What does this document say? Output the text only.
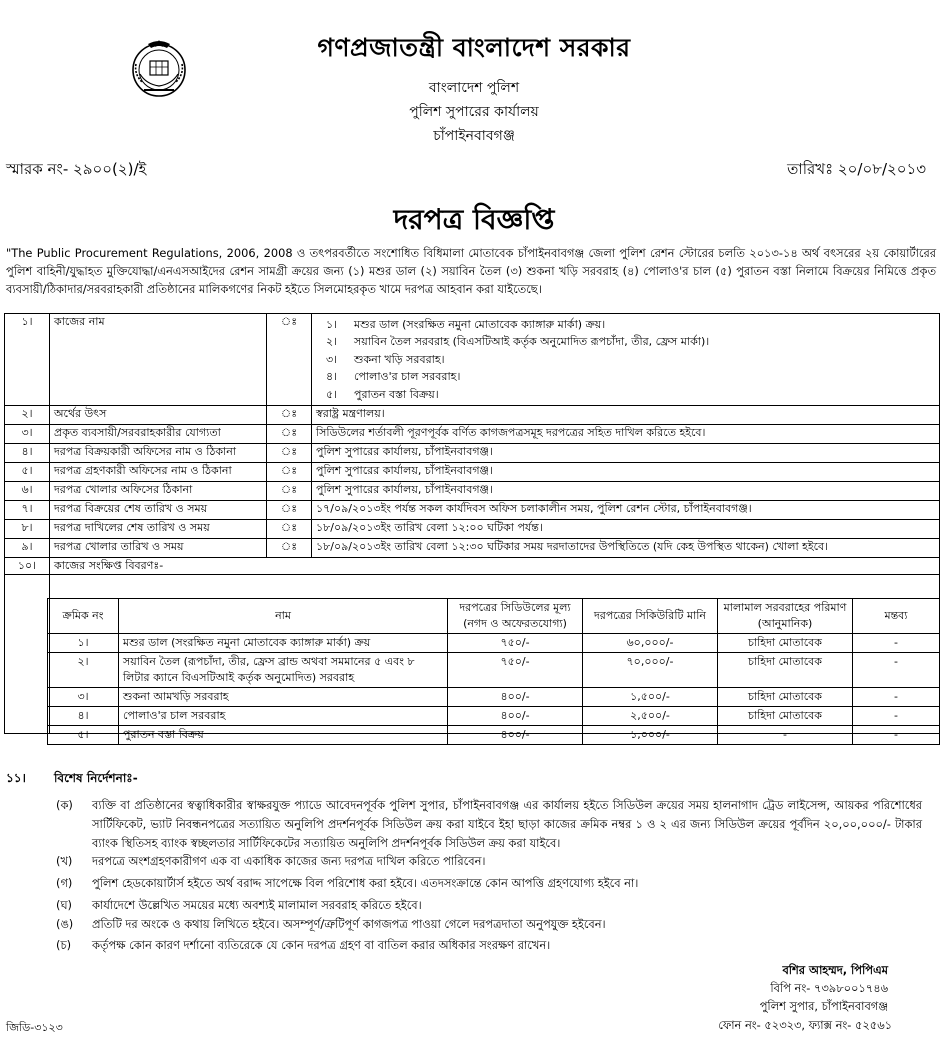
গণপ্রজাতন্ত্রী বাংলাদেশ সরকার
বাংলাদেশ পুলিশ
পুলিশ সুপারের কার্যালয়
চাঁপাইনবাবগঞ্জ
স্মারক নং- ২৯০০(২)/ই	তারিখঃ ২০/০৮/২০১৩
দরপত্র বিজ্ঞপ্তি
"The Public Procurement Regulations, 2006, 2008 ও তৎপরবর্তীতে সংশোধিত বিধিমালা মোতাবেক চাঁপাইনবাবগঞ্জ জেলা পুলিশ রেশন স্টোরের চলতি ২০১৩-১৪ অর্থ বৎসরের ২য় কোয়ার্টারের পুলিশ বাহিনী/যুদ্ধাহত মুক্তিযোদ্ধা/এনএসআইদের রেশন সামগ্রী ক্রয়ের জন্য (১) মশুর ডাল (২) সয়াবিন তৈল (৩) শুকনা খড়ি সরবরাহ (৪) পোলাও'র চাল (৫) পুরাতন বস্তা নিলামে বিক্রয়ের নিমিত্তে প্রকৃত ব্যবসায়ী/ঠিকাদার/সরবরাহকারী প্রতিষ্ঠানের মালিকগণের নিকট হইতে সিলমোহরকৃত খামে দরপত্র আহবান করা যাইতেছে।
১।	কাজের নাম	ঃ	১। মশুর ডাল (সংরক্ষিত নমুনা মোতাবেক ক্যাঙ্গারু মার্কা) ক্রয়।
২। সয়াবিন তৈল সরবরাহ (বিএসটিআই কর্তৃক অনুমোদিত রূপচাঁদা, তীর, ফ্রেস মার্কা)।
৩। শুকনা খড়ি সরবরাহ।
৪। পোলাও'র চাল সরবরাহ।
৫। পুরাতন বস্তা বিক্রয়।

২।	অর্থের উৎস	ঃ	স্বরাষ্ট্র মন্ত্রণালয়।
৩।	প্রকৃত ব্যবসায়ী/সরবরাহকারীর যোগ্যতা	ঃ	সিডিউলের শর্তাবলী পূরণপূর্বক বর্ণিত কাগজপত্রসমূহ দরপত্রের সহিত দাখিল করিতে হইবে।
৪।	দরপত্র বিক্রয়কারী অফিসের নাম ও ঠিকানা	ঃ	পুলিশ সুপারের কার্যালয়, চাঁপাইনবাবগঞ্জ।
৫।	দরপত্র গ্রহণকারী অফিসের নাম ও ঠিকানা	ঃ	পুলিশ সুপারের কার্যালয়, চাঁপাইনবাবগঞ্জ।
৬।	দরপত্র খোলার অফিসের ঠিকানা	ঃ	পুলিশ সুপারের কার্যালয়, চাঁপাইনবাবগঞ্জ।
৭।	দরপত্র বিক্রয়ের শেষ তারিখ ও সময়	ঃ	১৭/০৯/২০১৩ইং পর্যন্ত সকল কার্যদিবস অফিস চলাকালীন সময়, পুলিশ রেশন স্টোর, চাঁপাইনবাবগঞ্জ।
৮।	দরপত্র দাখিলের শেষ তারিখ ও সময়	ঃ	১৮/০৯/২০১৩ইং তারিখ বেলা ১২:০০ ঘটিকা পর্যন্ত।
৯।	দরপত্র খোলার তারিখ ও সময়	ঃ	১৮/০৯/২০১৩ইং তারিখ বেলা ১২:৩০ ঘটিকার সময় দরদাতাদের উপস্থিতিতে (যদি কেহ উপস্থিত থাকেন) খোলা হইবে।
১০।	কাজের সংক্ষিপ্ত বিবরণঃ-		

ক্রমিক নং	নাম	দরপত্রের সিডিউলের মূল্য (নগদ ও অফেরতযোগ্য)	দরপত্রের সিকিউরিটি মানি	মালামাল সরবরাহের পরিমাণ (আনুমানিক)	মন্তব্য
১।	মশুর ডাল (সংরক্ষিত নমুনা মোতাবেক ক্যাঙ্গারু মার্কা) ক্রয়	৭৫০/-	৬০,০০০/-	চাহিদা মোতাবেক	-
২।	সয়াবিন তৈল (রূপচাঁদা, তীর, ফ্রেস ব্রান্ড অথবা সমমানের ৫ এবং ৮ লিটার ক্যানে বিএসটিআই কর্তৃক অনুমোদিত) সরবরাহ	৭৫০/-	৭০,০০০/-	চাহিদা মোতাবেক	-
৩।	শুকনা আমখড়ি সরবরাহ	৪০০/-	১,৫০০/-	চাহিদা মোতাবেক	-
৪।	পোলাও'র চাল সরবরাহ	৪০০/-	২,৫০০/-	চাহিদা মোতাবেক	-
৫।	পুরাতন বস্তা বিক্রয়	৪০০/-	১,০০০/-	-	-
১১। বিশেষ নির্দেশনাঃ-
(ক)	ব্যক্তি বা প্রতিষ্ঠানের স্বত্বাধিকারীর স্বাক্ষরযুক্ত প্যাডে আবেদনপূর্বক পুলিশ সুপার, চাঁপাইনবাবগঞ্জ এর কার্যালয় হইতে সিডিউল ক্রয়ের সময় হালনাগাদ ট্রেড লাইসেন্স, আয়কর পরিশোধের সার্টিফিকেট, ভ্যাট নিবন্ধনপত্রের সত্যায়িত অনুলিপি প্রদর্শনপূর্বক সিডিউল ক্রয় করা যাইবে ইহা ছাড়া কাজের ক্রমিক নম্বর ১ ও ২ এর জন্য সিডিউল ক্রয়ের পূর্বদিন ২০,০০,০০০/- টাকার ব্যাংক স্থিতিসহ ব্যাংক স্বচ্ছলতার সার্টিফিকেটের সত্যায়িত অনুলিপি প্রদর্শনপূর্বক সিডিউল ক্রয় করা যাইবে।
(খ)	দরপত্রে অংশগ্রহণকারীগণ এক বা একাধিক কাজের জন্য দরপত্র দাখিল করিতে পারিবেন।
(গ)	পুলিশ হেডকোয়ার্টার্স হইতে অর্থ বরাদ্দ সাপেক্ষে বিল পরিশোধ করা হইবে। এতদসংক্রান্তে কোন আপত্তি গ্রহণযোগ্য হইবে না।
(ঘ)	কার্যাদেশে উল্লেখিত সময়ের মধ্যে অবশ্যই মালামাল সরবরাহ করিতে হইবে।
(ঙ)	প্রতিটি দর অংকে ও কথায় লিখিতে হইবে। অসম্পূর্ণ/ত্রুটিপূর্ণ কাগজপত্র পাওয়া গেলে দরপত্রদাতা অনুপযুক্ত হইবেন।
(চ)	কর্তৃপক্ষ কোন কারণ দর্শানো ব্যতিরেকে যে কোন দরপত্র গ্রহণ বা বাতিল করার অধিকার সংরক্ষণ রাখেন।
বশির আহম্মদ, পিপিএম
বিপি নং- ৭৩৯৮০০১৭৪৬
পুলিশ সুপার, চাঁপাইনবাবগঞ্জ
ফোন নং- ৫২৩২৩, ফ্যাক্স নং- ৫২৫৬১
জিডি-৩১২৩
